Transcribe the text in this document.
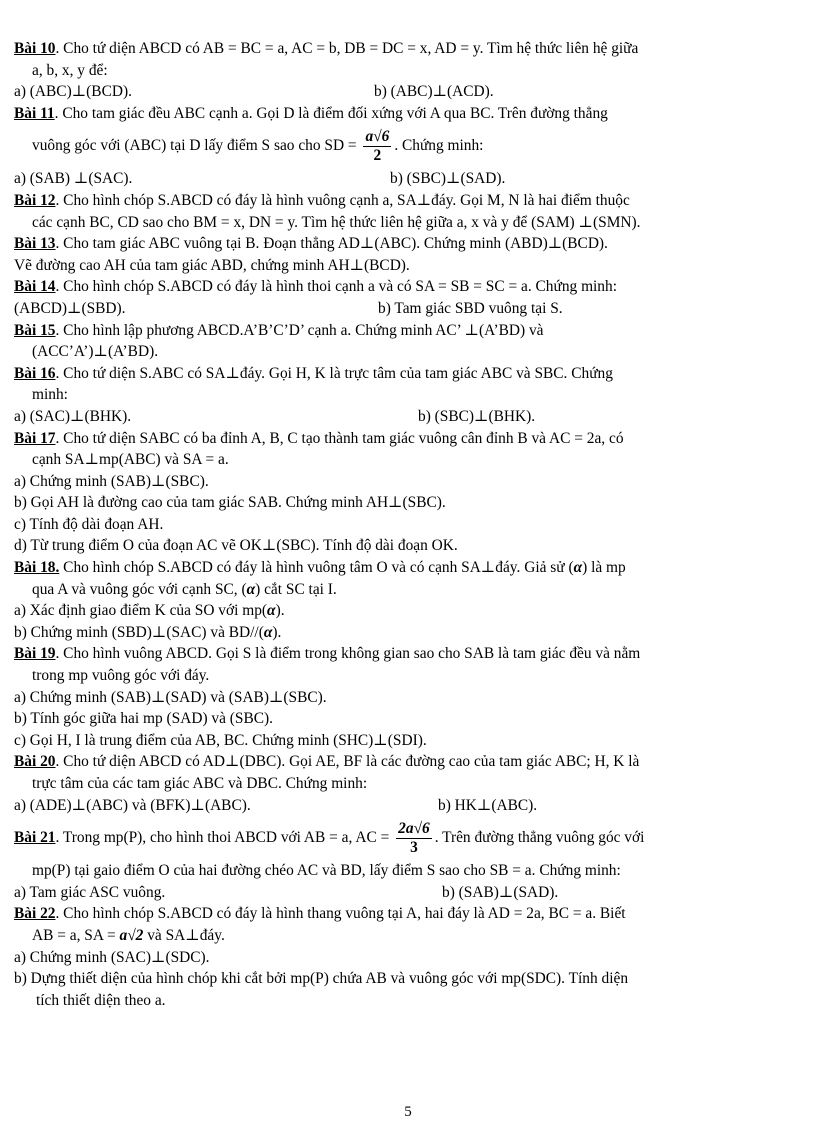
Bài 10. Cho tứ diện ABCD có AB = BC = a, AC = b, DB = DC = x, AD = y. Tìm hệ thức liên hệ giữa
a, b, x, y để:
a) (ABC)⊥(BCD).	b) (ABC)⊥(ACD).
Bài 11. Cho tam giác đều ABC cạnh a. Gọi D là điểm đối xứng với A qua BC. Trên đường thẳng
vuông góc với (ABC) tại D lấy điểm S sao cho SD = $\frac{a√6}{2}$ . Chứng minh:
a) (SAB) ⊥(SAC).	b) (SBC)⊥(SAD).
Bài 12. Cho hình chóp S.ABCD có đáy là hình vuông cạnh a, SA⊥đáy. Gọi M, N là hai điểm thuộc
các cạnh BC, CD sao cho BM = x, DN = y. Tìm hệ thức liên hệ giữa a, x và y để (SAM) ⊥(SMN).
Bài 13. Cho tam giác ABC vuông tại B. Đoạn thẳng AD⊥(ABC). Chứng minh (ABD)⊥(BCD).
Vẽ đường cao AH của tam giác ABD, chứng minh AH⊥(BCD).
Bài 14. Cho hình chóp S.ABCD có đáy là hình thoi cạnh a và có SA = SB = SC = a. Chứng minh:
(ABCD)⊥(SBD).	b) Tam giác SBD vuông tại S.
Bài 15. Cho hình lập phương ABCD.A’B’C’D’ cạnh a. Chứng minh AC’ ⊥(A’BD) và
(ACC’A’)⊥(A’BD).
Bài 16. Cho tứ diện S.ABC có SA⊥đáy. Gọi H, K là trực tâm của tam giác ABC và SBC. Chứng
minh:
a) (SAC)⊥(BHK).	b) (SBC)⊥(BHK).
Bài 17. Cho tứ diện SABC có ba đỉnh A, B, C tạo thành tam giác vuông cân đỉnh B và AC = 2a, có
cạnh SA⊥mp(ABC) và SA = a.
a) Chứng minh (SAB)⊥(SBC).
b) Gọi AH là đường cao của tam giác SAB. Chứng minh AH⊥(SBC).
c) Tính độ dài đoạn AH.
d) Từ trung điểm O của đoạn AC vẽ OK⊥(SBC). Tính độ dài đoạn OK.
Bài 18. Cho hình chóp S.ABCD có đáy là hình vuông tâm O và có cạnh SA⊥đáy. Giả sử (α) là mp
qua A và vuông góc với cạnh SC, (α) cắt SC tại I.
a) Xác định giao điểm K của SO với mp(α).
b) Chứng minh (SBD)⊥(SAC) và BD//(α).
Bài 19. Cho hình vuông ABCD. Gọi S là điểm trong không gian sao cho SAB là tam giác đều và nằm
trong mp vuông góc với đáy.
a) Chứng minh (SAB)⊥(SAD) và (SAB)⊥(SBC).
b) Tính góc giữa hai mp (SAD) và (SBC).
c) Gọi H, I là trung điểm của AB, BC. Chứng minh (SHC)⊥(SDI).
Bài 20. Cho tứ diện ABCD có AD⊥(DBC). Gọi AE, BF là các đường cao của tam giác ABC; H, K là
trực tâm của các tam giác ABC và DBC. Chứng minh:
a) (ADE)⊥(ABC) và (BFK)⊥(ABC).	b) HK⊥(ABC).
Bài 21. Trong mp(P), cho hình thoi ABCD với AB = a, AC = $\frac{2a√6}{3}$ . Trên đường thẳng vuông góc với
mp(P) tại gaio điểm O của hai đường chéo AC và BD, lấy điểm S sao cho SB = a. Chứng minh:
a) Tam giác ASC vuông.	b) (SAB)⊥(SAD).
Bài 22. Cho hình chóp S.ABCD có đáy là hình thang vuông tại A, hai đáy là AD = 2a, BC = a. Biết
AB = a, SA = a√2 và SA⊥đáy.
a) Chứng minh (SAC)⊥(SDC).
b) Dựng thiết diện của hình chóp khi cắt bởi mp(P) chứa AB và vuông góc với mp(SDC). Tính diện
tích thiết diện theo a.
5
